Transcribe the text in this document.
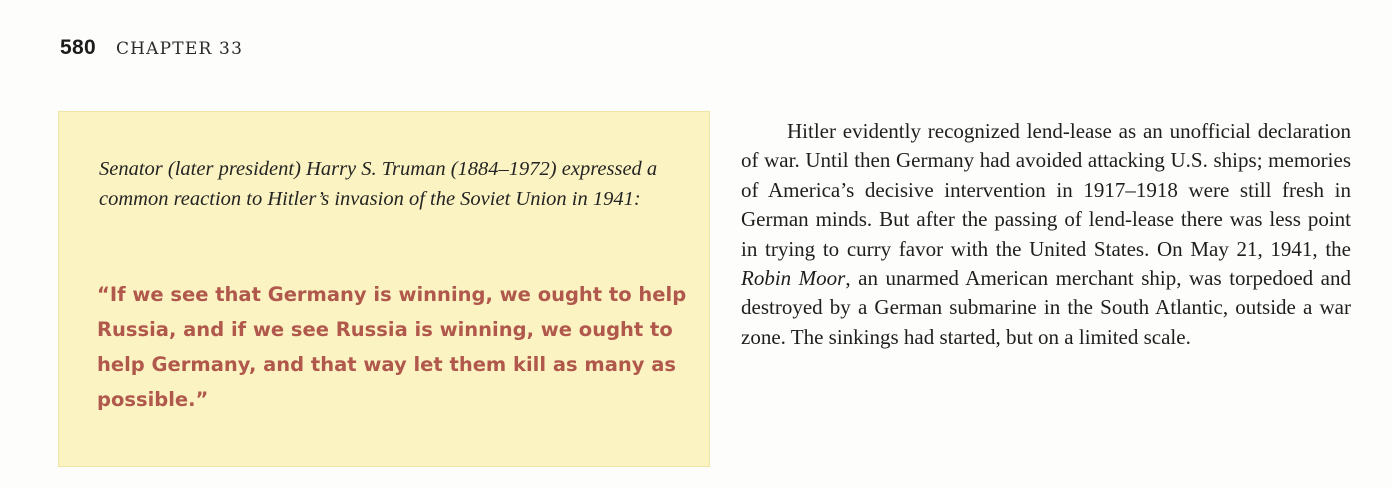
580 CHAPTER 33

Senator (later president) Harry S. Truman (1884–1972) expressed a common reaction to Hitler’s invasion of the Soviet Union in 1941:

“If we see that Germany is winning, we ought to help Russia, and if we see Russia is winning, we ought to help Germany, and that way let them kill as many as possible.”

Hitler evidently recognized lend-lease as an unofficial declaration of war. Until then Germany had avoided attacking U.S. ships; memories of America’s decisive intervention in 1917–1918 were still fresh in German minds. But after the passing of lend-lease there was less point in trying to curry favor with the United States. On May 21, 1941, the Robin Moor, an unarmed American merchant ship, was torpedoed and destroyed by a German submarine in the South Atlantic, outside a war zone. The sinkings had started, but on a limited scale.
